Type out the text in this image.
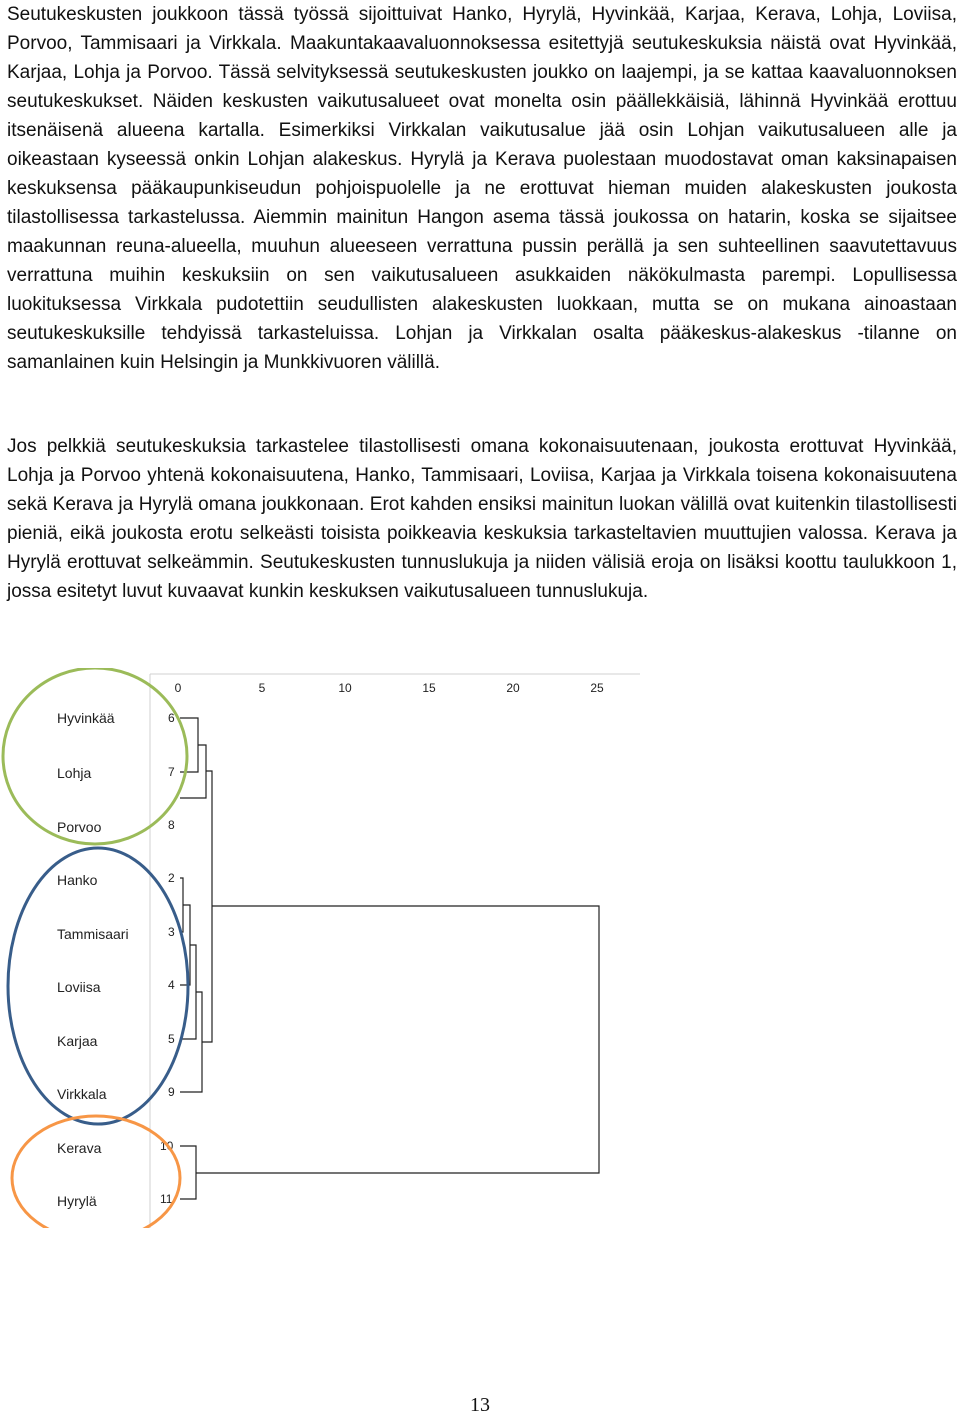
Seutukeskusten joukkoon tässä työssä sijoittuivat Hanko, Hyrylä, Hyvinkää, Karjaa, Kerava, Lohja, Loviisa, Porvoo, Tammisaari ja Virkkala. Maakuntakaavaluonnoksessa esitettyjä seutukeskuksia näistä ovat Hyvinkää, Karjaa, Lohja ja Porvoo. Tässä selvityksessä seutukeskusten joukko on laajempi, ja se kattaa kaavaluonnoksen seutukeskukset. Näiden keskusten vaikutusalueet ovat monelta osin päällekkäisiä, lähinnä Hyvinkää erottuu itsenäisenä alueena kartalla. Esimerkiksi Virkkalan vaikutusalue jää osin Lohjan vaikutusalueen alle ja oikeastaan kyseessä onkin Lohjan alakeskus. Hyrylä ja Kerava puolestaan muodostavat oman kaksinapaisen keskuksensa pääkaupunkiseudun pohjoispuolelle ja ne erottuvat hieman muiden alakeskusten joukosta tilastollisessa tarkastelussa. Aiemmin mainitun Hangon asema tässä joukossa on hatarin, koska se sijaitsee maakunnan reuna-alueella, muuhun alueeseen verrattuna pussin perällä ja sen suhteellinen saavutettavuus verrattuna muihin keskuksiin on sen vaikutusalueen asukkaiden näkökulmasta parempi. Lopullisessa luokituksessa Virkkala pudotettiin seudullisten alakeskusten luokkaan, mutta se on mukana ainoastaan seutukeskuksille tehdyissä tarkasteluissa. Lohjan ja Virkkalan osalta pääkeskus-alakeskus -tilanne on samanlainen kuin Helsingin ja Munkkivuoren välillä.

Jos pelkkiä seutukeskuksia tarkastelee tilastollisesti omana kokonaisuutenaan, joukosta erottuvat Hyvinkää, Lohja ja Porvoo yhtenä kokonaisuutena, Hanko, Tammisaari, Loviisa, Karjaa ja Virkkala toisena kokonaisuutena sekä Kerava ja Hyrylä omana joukkonaan. Erot kahden ensiksi mainitun luokan välillä ovat kuitenkin tilastollisesti pieniä, eikä joukosta erotu selkeästi toisista poikkeavia keskuksia tarkasteltavien muuttujien valossa. Kerava ja Hyrylä erottuvat selkeämmin. Seutukeskusten tunnuslukuja ja niiden välisiä eroja on lisäksi koottu taulukkoon 1, jossa esitetyt luvut kuvaavat kunkin keskuksen vaikutusalueen tunnuslukuja.

0	5	10	15	20	25
Hyvinkää	6
Lohja	7
Porvoo	8
Hanko	2
Tammisaari	3
Loviisa	4
Karjaa	5
Virkkala	9
Kerava	10
Hyrylä	11
13
